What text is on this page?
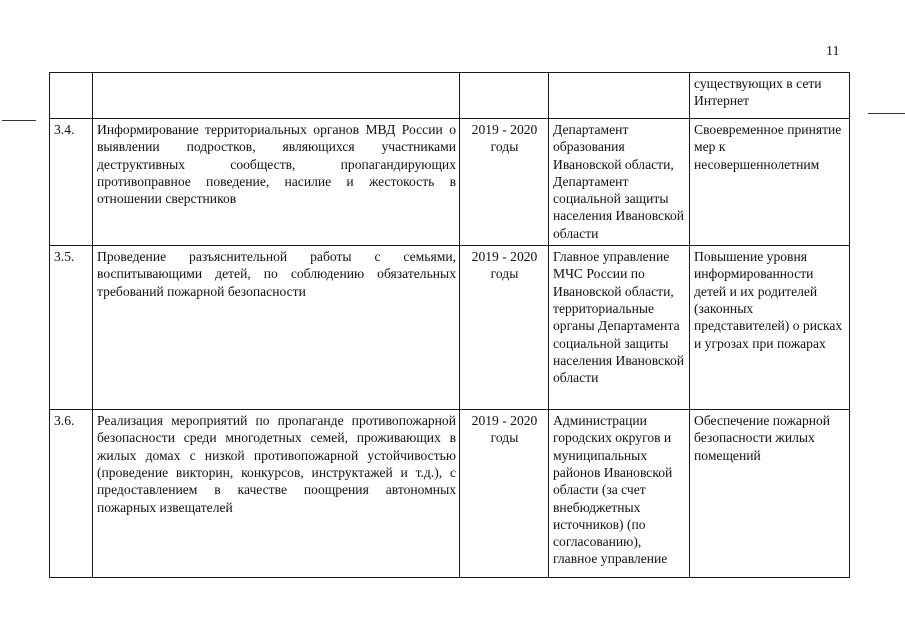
11

				существующих в сети Интернет

3.4.	Информирование территориальных органов МВД России о выявлении подростков, являющихся участниками деструктивных сообществ, пропагандирующих противоправное поведение, насилие и жестокость в отношении сверстников	2019 - 2020 годы	Департамент образования Ивановской области, Департамент социальной защиты населения Ивановской области	Своевременное принятие мер к несовершеннолетним

3.5.	Проведение разъяснительной работы с семьями, воспитывающими детей, по соблюдению обязательных требований пожарной безопасности	2019 - 2020 годы	Главное управление МЧС России по Ивановской области, территориальные органы Департамента социальной защиты населения Ивановской области	Повышение уровня информированности детей и их родителей (законных представителей) о рисках и угрозах при пожарах

3.6.	Реализация мероприятий по пропаганде противопожарной безопасности среди многодетных семей, проживающих в жилых домах с низкой противопожарной устойчивостью (проведение викторин, конкурсов, инструктажей и т.д.), с предоставлением в качестве поощрения автономных пожарных извещателей	2019 - 2020 годы	Администрации городских округов и муниципальных районов Ивановской области (за счет внебюджетных источников) (по согласованию), главное управление	Обеспечение пожарной безопасности жилых помещений
